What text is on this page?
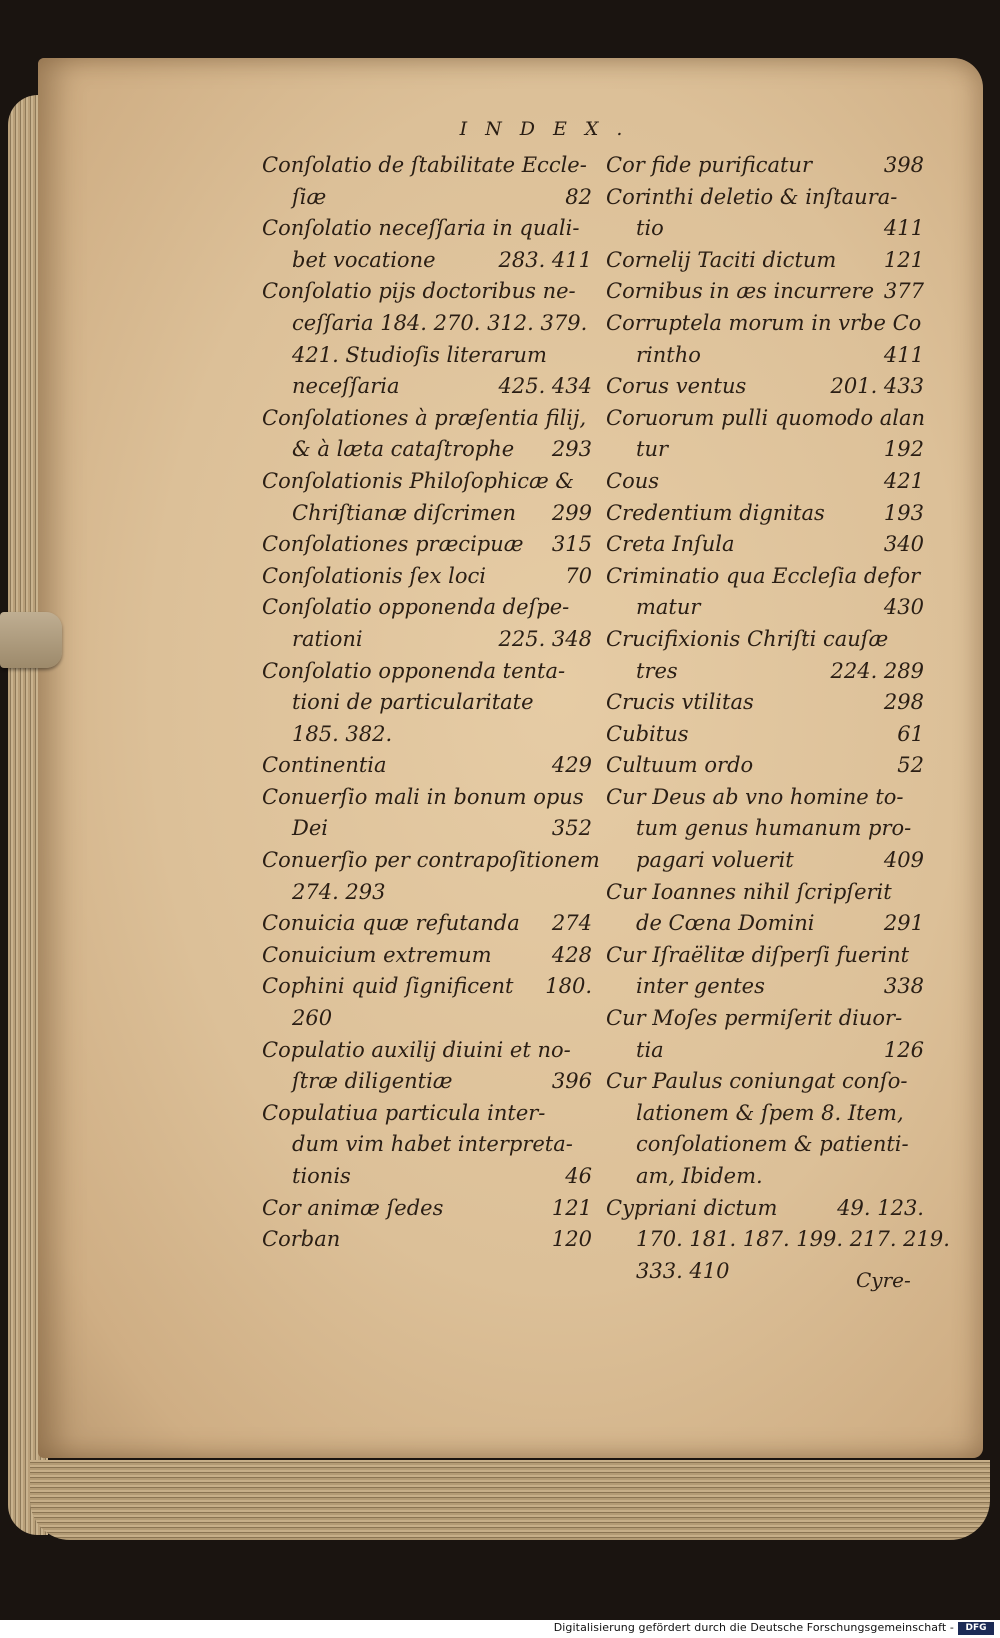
INDEX.
Conſolatio de ſtabilitate Eccle-
ſiæ	82
Conſolatio neceſſaria in quali-
bet vocatione	283. 411
Conſolatio pijs doctoribus ne-
ceſſaria 184. 270. 312. 379.
421. Studioſis literarum
neceſſaria	425. 434
Conſolationes à præſentia filij,
& à læta cataſtrophe 293
Conſolationis Philoſophicæ &
Chriſtianæ diſcrimen 299
Conſolationes præcipuæ 315
Conſolationis ſex loci	70
Conſolatio opponenda deſpe-
rationi	225. 348
Conſolatio opponenda tenta-
tioni de particularitate
185. 382.
Continentia	429
Conuerſio mali in bonum opus
Dei	352
Conuerſio per contrapoſitionem
274. 293
Conuicia quæ refutanda 274
Conuicium extremum	428
Cophini quid ſignificent 180.
260
Copulatio auxilij diuini et no-
ſtræ diligentiæ	396
Copulatiua particula inter-
dum vim habet interpreta-
tionis	46
Cor animæ ſedes	121
Corban	120
Cor fide purificatur	398
Corinthi deletio & inſtaura-
tio	411
Cornelij Taciti dictum 121
Cornibus in æs incurrere 377
Corruptela morum in vrbe Co
rintho	411
Corus ventus	201. 433
Coruorum pulli quomodo alan
tur	192
Cous	421
Credentium dignitas	193
Creta Inſula	340
Criminatio qua Eccleſia defor
matur	430
Crucifixionis Chriſti cauſæ
tres	224. 289
Crucis vtilitas	298
Cubitus	61
Cultuum ordo	52
Cur Deus ab vno homine to-
tum genus humanum pro-
pagari voluerit	409
Cur Ioannes nihil ſcripſerit
de Cœna Domini	291
Cur Iſraëlitæ diſperſi fuerint
inter gentes	338
Cur Moſes permiſerit diuor-
tia	126
Cur Paulus coniungat conſo-
lationem & ſpem 8. Item,
conſolationem & patienti-
am, Ibidem.
Cypriani dictum	49. 123.
170. 181. 187. 199. 217. 219.
333. 410	Cyre-
Digitalisierung gefördert durch die Deutsche Forschungsgemeinschaft -	DFG
